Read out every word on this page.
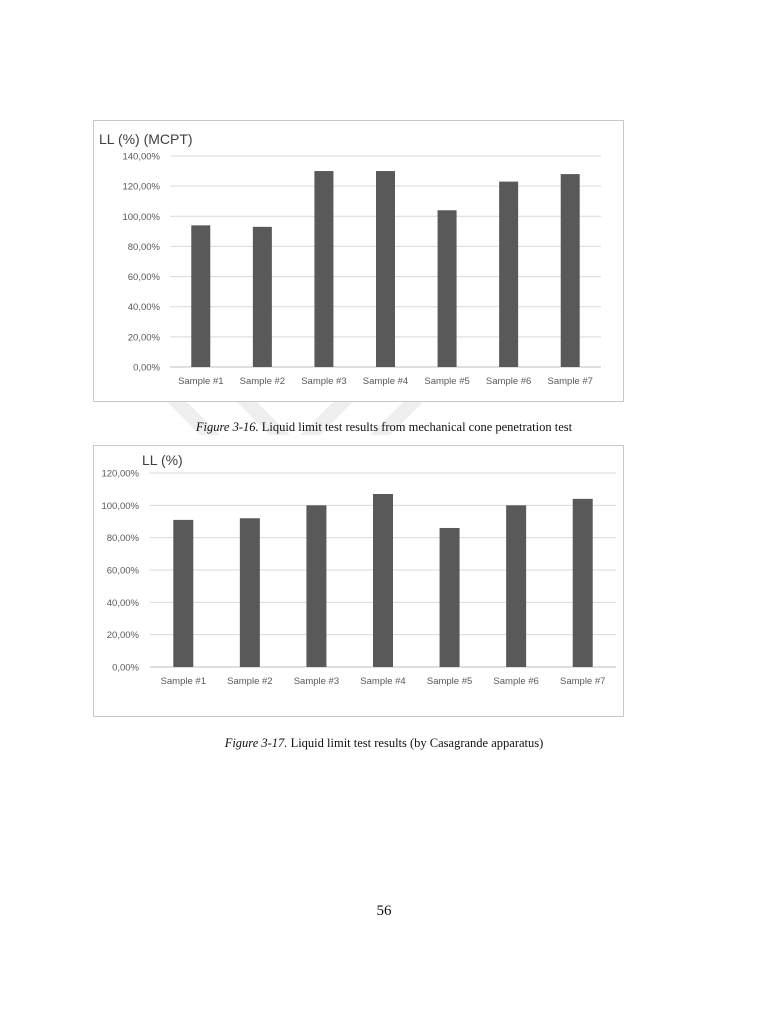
LL (%) (MCPT)
0,00%
20,00%
40,00%
60,00%
80,00%
100,00%
120,00%
140,00%
Sample #1 Sample #2 Sample #3 Sample #4 Sample #5 Sample #6 Sample #7
Figure 3-16. Liquid limit test results from mechanical cone penetration test
LL (%)
0,00%
20,00%
40,00%
60,00%
80,00%
100,00%
120,00%
Sample #1 Sample #2 Sample #3 Sample #4 Sample #5 Sample #6 Sample #7
Figure 3-17. Liquid limit test results (by Casagrande apparatus)
56
